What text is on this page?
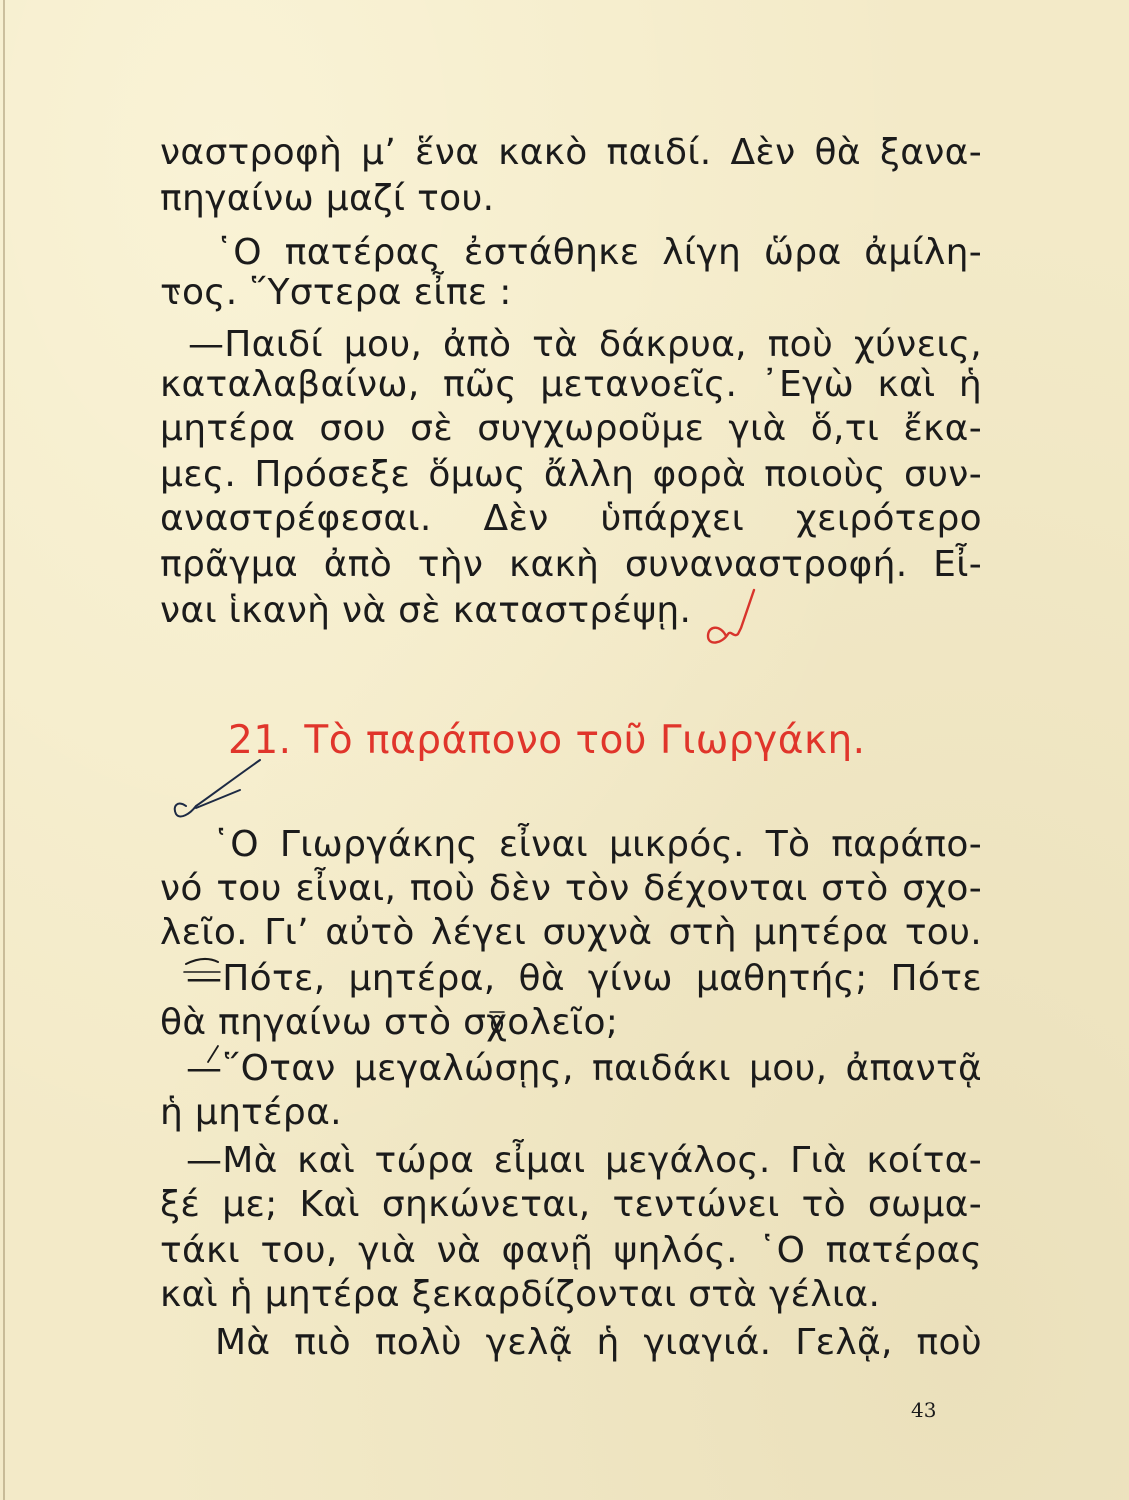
ναστροφὴ μ’ ἕνα κακὸ παιδί. Δὲν θὰ ξανα-
πηγαίνω μαζί του.
῾Ο πατέρας ἐστάθηκε λίγη ὥρα ἀμίλη-
τος. ῞Υστερα εἶπε :
—Παιδί μου, ἀπὸ τὰ δάκρυα, ποὺ χύνεις,
καταλαβαίνω, πῶς μετανοεῖς. ᾿Εγὼ καὶ ἡ
μητέρα σου σὲ συγχωροῦμε γιὰ ὅ,τι ἔκα-
μες. Πρόσεξε ὅμως ἄλλη φορὰ ποιοὺς συν-
αναστρέφεσαι. Δὲν ὑπάρχει χειρότερο
πρᾶγμα ἀπὸ τὴν κακὴ συναναστροφή. Εἶ-
ναι ἱκανὴ νὰ σὲ καταστρέψῃ.
21. Τὸ παράπονο τοῦ Γιωργάκη.
῾Ο Γιωργάκης εἶναι μικρός. Τὸ παράπο-
νό του εἶναι, ποὺ δὲν τὸν δέχονται στὸ σχο-
λεῖο. Γι’ αὐτὸ λέγει συχνὰ στὴ μητέρα του.
—Πότε, μητέρα, θὰ γίνω μαθητής; Πότε
θὰ πηγαίνω στὸ σχολεῖο;
—῞Οταν μεγαλώσῃς, παιδάκι μου, ἀπαντᾷ
ἡ μητέρα.
—Μὰ καὶ τώρα εἶμαι μεγάλος. Γιὰ κοίτα-
ξέ με; Καὶ σηκώνεται, τεντώνει τὸ σωμα-
τάκι του, γιὰ νὰ φανῇ ψηλός. ῾Ο πατέρας
καὶ ἡ μητέρα ξεκαρδίζονται στὰ γέλια.
Μὰ πιὸ πολὺ γελᾷ ἡ γιαγιά. Γελᾷ, ποὺ
43
